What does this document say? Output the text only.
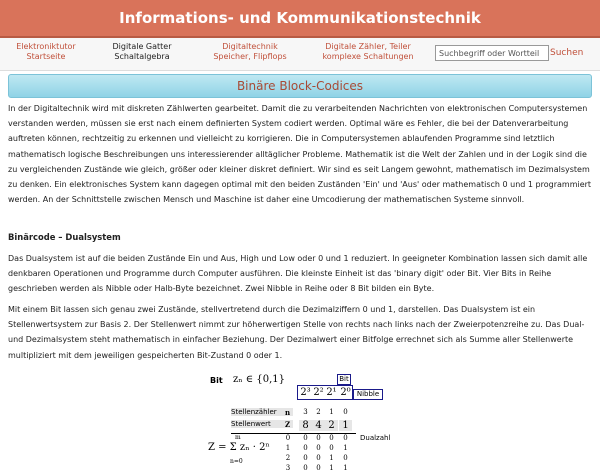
Informations- und Kommunikationstechnik
Elektroniktutor
Startseite
Digitale Gatter
Schaltalgebra
Digitaltechnik
Speicher, Flipflops
Digitale Zähler, Teiler
komplexe Schaltungen
Suchbegriff oder Wortteil	Suchen
Binäre Block-Codices

In der Digitaltechnik wird mit diskreten Zählwerten gearbeitet. Damit die zu verarbeitenden Nachrichten von elektronischen Computersystemen verstanden werden, müssen sie erst nach einem definierten System codiert werden. Optimal wäre es Fehler, die bei der Datenverarbeitung auftreten können, rechtzeitig zu erkennen und vielleicht zu korrigieren. Die in Computersystemen ablaufenden Programme sind letztlich mathematisch logische Beschreibungen uns interessierender alltäglicher Probleme. Mathematik ist die Welt der Zahlen und in der Logik sind die zu vergleichenden Zustände wie gleich, größer oder kleiner diskret definiert. Wir sind es seit Langem gewohnt, mathematisch im Dezimalsystem zu denken. Ein elektronisches System kann dagegen optimal mit den beiden Zuständen 'Ein' und 'Aus' oder mathematisch 0 und 1 programmiert werden. An der Schnittstelle zwischen Mensch und Maschine ist daher eine Umcodierung der mathematischen Systeme sinnvoll.

Binärcode – Dualsystem

Das Dualsystem ist auf die beiden Zustände Ein und Aus, High und Low oder 0 und 1 reduziert. In geeigneter Kombination lassen sich damit alle denkbaren Operationen und Programme durch Computer ausführen. Die kleinste Einheit ist das 'binary digit' oder Bit. Vier Bits in Reihe geschrieben werden als Nibble oder Halb-Byte bezeichnet. Zwei Nibble in Reihe oder 8 Bit bilden ein Byte.

Mit einem Bit lassen sich genau zwei Zustände, stellvertretend durch die Dezimalziffern 0 und 1, darstellen. Das Dualsystem ist ein Stellenwertsystem zur Basis 2. Der Stellenwert nimmt zur höherwertigen Stelle von rechts nach links nach der Zweierpotenzreihe zu. Das Dual- und Dezimalsystem steht mathematisch in einfacher Beziehung. Der Dezimalwert einer Bitfolge errechnet sich als Summe aller Stellenwerte multipliziert mit dem jeweiligen gespeicherten Bit-Zustand 0 oder 1.

Bit zₙ ∈ {0,1}	Bit
2³ 2² 2¹ 2⁰ Nibble
Stellenzähler	n	3	2	1	0
Stellenwert	Z	8 4 2 1
Z = Σ zₙ · 2ⁿ
m
n=0
Dualzahl
0	0	0	0	0
1	0	0	0	1
2	0	0	1	0
3	0	0	1	1
